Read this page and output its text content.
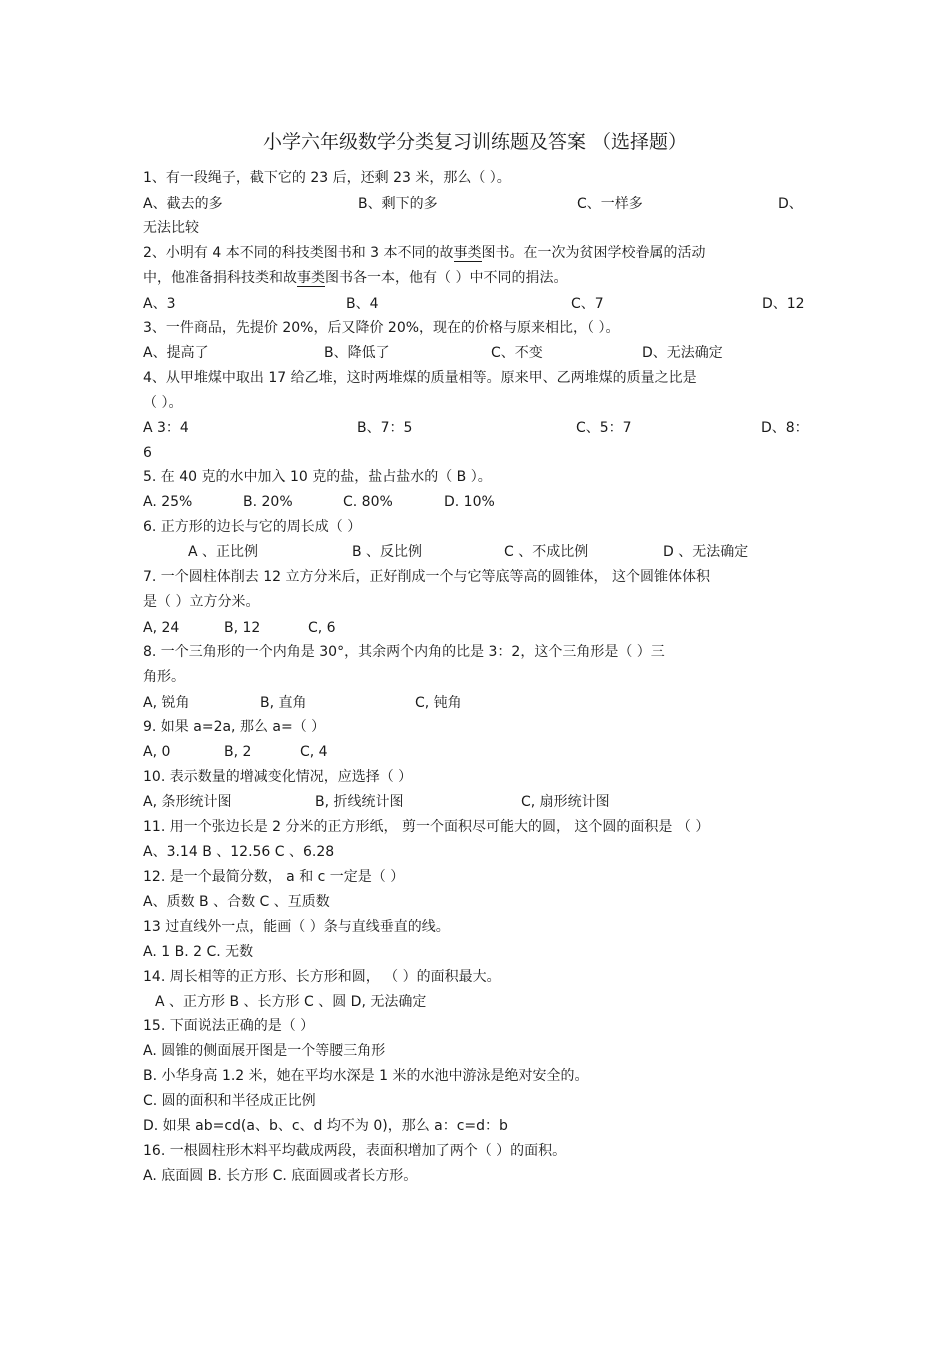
小学六年级数学分类复习训练题及答案 （选择题）
1、有一段绳子，截下它的 23 后，还剩 23 米，那么（ ）。
A、截去的多	B、剩下的多	C、一样多	D、
无法比较
2、小明有 4 本不同的科技类图书和 3 本不同的故事类图书。在一次为贫困学校眷属的活动
中，他准备捐科技类和故事类图书各一本，他有（ ）中不同的捐法。
A、3	B、4	C、7	D、12
3、一件商品，先提价 20%，后又降价 20%，现在的价格与原来相比，（ ）。
A、提高了	B、降低了	C、不变	D、无法确定
4、从甲堆煤中取出 17 给乙堆，这时两堆煤的质量相等。原来甲、乙两堆煤的质量之比是
（ ）。
A 3：4	B、7：5	C、5：7	D、8：
6
5. 在 40 克的水中加入 10 克的盐，盐占盐水的（ B ）。
A. 25%	B. 20%	C. 80%	D. 10%
6. 正方形的边长与它的周长成（ ）
A 、正比例	B 、反比例	C 、不成比例	D 、无法确定
7. 一个圆柱体削去 12 立方分米后，正好削成一个与它等底等高的圆锥体， 这个圆锥体体积
是（ ）立方分米。
A, 24	B, 12	C, 6
8. 一个三角形的一个内角是 30°，其余两个内角的比是 3：2，这个三角形是（ ）三
角形。
A, 锐角	B, 直角	C, 钝角
9. 如果 a=2a, 那么 a=（ ）
A, 0	B, 2	C, 4
10. 表示数量的增减变化情况，应选择（ ）
A, 条形统计图	B, 折线统计图	C, 扇形统计图
11. 用一个张边长是 2 分米的正方形纸， 剪一个面积尽可能大的圆， 这个圆的面积是 （ ）
A、3.14 B 、12.56 C 、6.28
12. 是一个最简分数， a 和 c 一定是（ ）
A、质数 B 、合数 C 、互质数
13 过直线外一点，能画（ ）条与直线垂直的线。
A. 1 B. 2 C. 无数
14. 周长相等的正方形、长方形和圆， （ ）的面积最大。
A 、正方形 B 、长方形 C 、圆 D, 无法确定
15. 下面说法正确的是（ ）
A. 圆锥的侧面展开图是一个等腰三角形
B. 小华身高 1.2 米，她在平均水深是 1 米的水池中游泳是绝对安全的。
C. 圆的面积和半径成正比例
D. 如果 ab=cd(a、b、c、d 均不为 0)，那么 a：c=d：b
16. 一根圆柱形木料平均截成两段，表面积增加了两个（ ）的面积。
A. 底面圆 B. 长方形 C. 底面圆或者长方形。
